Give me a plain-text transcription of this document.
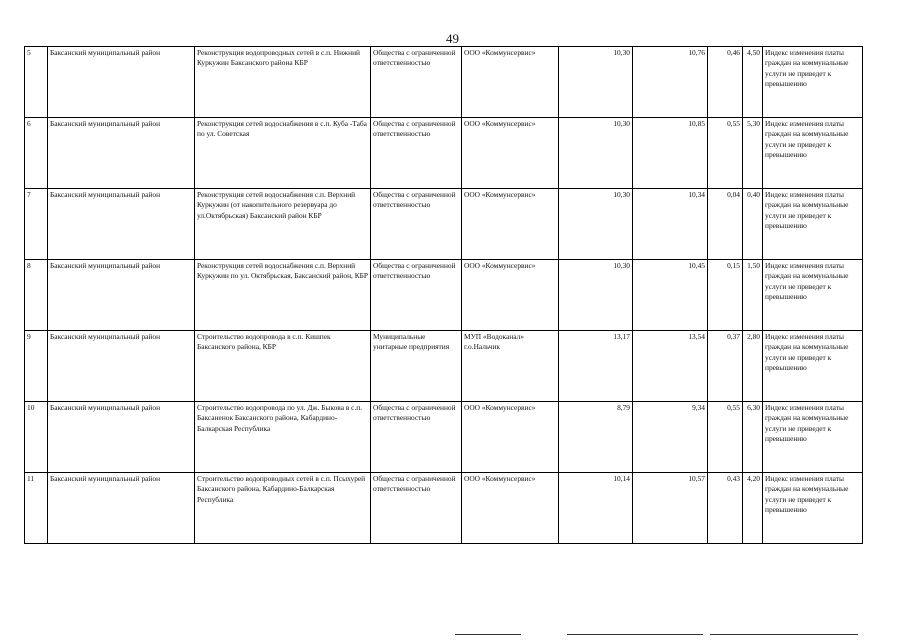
49
5	Баксанский муниципальный район	Реконструкция водопроводных сетей в с.п. Нижний Куркужин Баксанского района КБР	Общества с ограниченной ответственностью	ООО «Коммунсервис»	10,30	10,76	0,46	4,50	Индекс изменения платы граждан на коммунальные услуги не приведет к превышению
6	Баксанский муниципальный район	Реконструкция сетей водоснабжения в с.п. Куба -Таба по ул. Советская	Общества с ограниченной ответственностью	ООО «Коммунсервис»	10,30	10,85	0,55	5,30	Индекс изменения платы граждан на коммунальные услуги не приведет к превышению
7	Баксанский муниципальный район	Реконструкция сетей водоснабжения с.п. Верхний Куркужин (от накопительного резервуара до ул.Октябрьская) Баксанский район КБР	Общества с ограниченной ответственностью	ООО «Коммунсервис»	10,30	10,34	0,04	0,40	Индекс изменения платы граждан на коммунальные услуги не приведет к превышению
8	Баксанский муниципальный район	Реконструкция сетей водоснабжения с.п. Верхний Куркужин по ул. Октябрьская, Баксанский район, КБР	Общества с ограниченной ответственностью	ООО «Коммунсервис»	10,30	10,45	0,15	1,50	Индекс изменения платы граждан на коммунальные услуги не приведет к превышению
9	Баксанский муниципальный район	Строительство водопровода в с.п. Кишпек Баксанского района, КБР	Муниципальные унитарные предприятия	МУП «Водоканал» г.о.Нальчик	13,17	13,54	0,37	2,80	Индекс изменения платы граждан на коммунальные услуги не приведет к превышению
10	Баксанский муниципальный район	Строительство водопровода по ул. Дж. Быкова в с.п. Баксаненок Баксанского района, Кабардино-Балкарская Республика	Общества с ограниченной ответственностью	ООО «Коммунсервис»	8,79	9,34	0,55	6,30	Индекс изменения платы граждан на коммунальные услуги не приведет к превышению
11	Баксанский муниципальный район	Строительство водопроводных сетей в с.п. Псыхурей Баксанского района, Кабардино-Балкарская Республика	Общества с ограниченной ответственностью	ООО «Коммунсервис»	10,14	10,57	0,43	4,20	Индекс изменения платы граждан на коммунальные услуги не приведет к превышению
